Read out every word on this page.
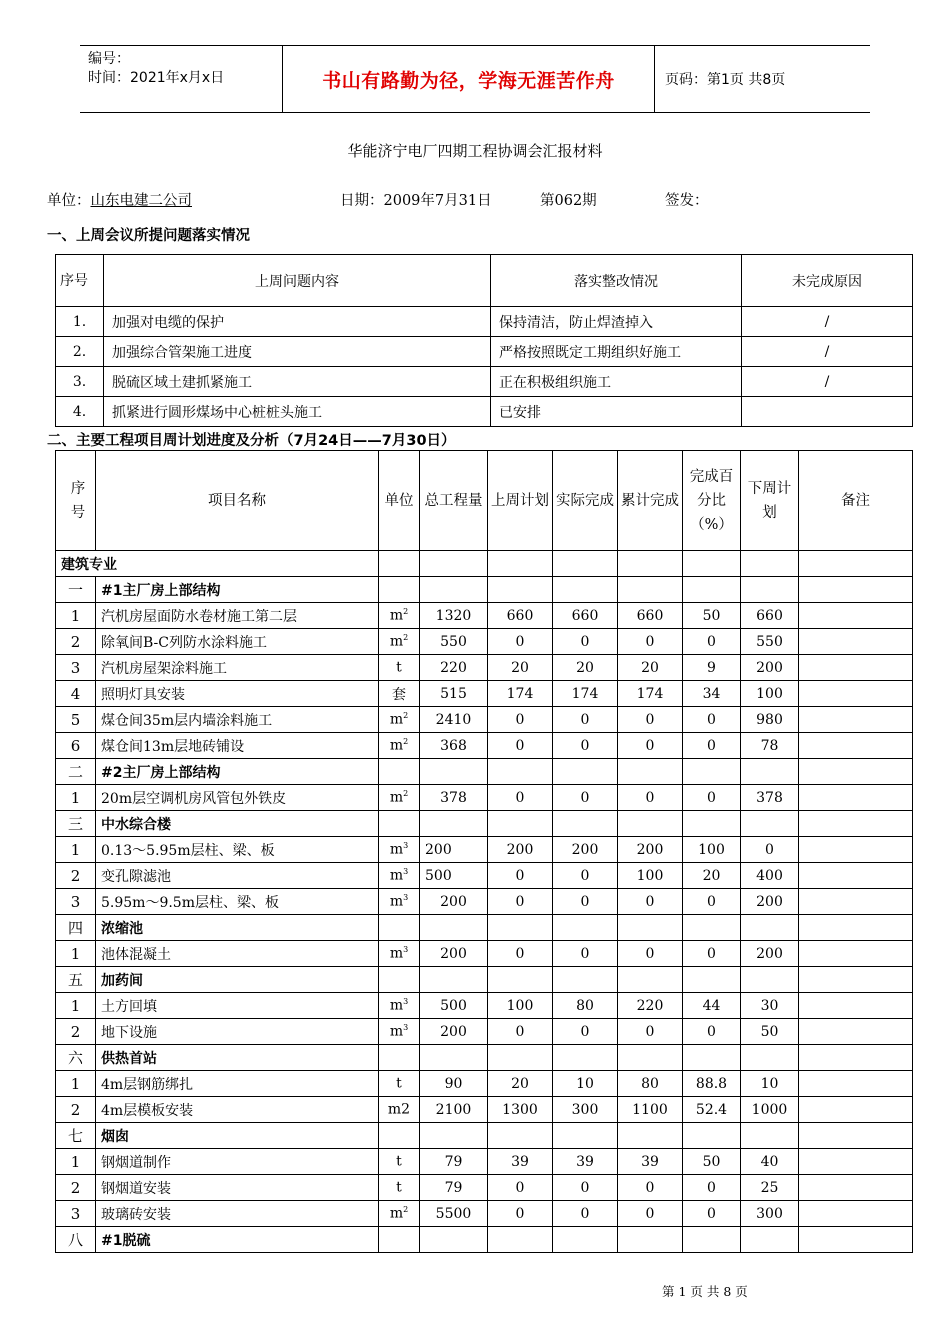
编号：
时间：2021年x月x日	书山有路勤为径，学海无涯苦作舟	页码：第1页 共8页
华能济宁电厂四期工程协调会汇报材料
单位：山东电建二公司	日期：2009年7月31日	第062期	签发：
一、上周会议所提问题落实情况
序号	上周问题内容	落实整改情况	未完成原因
1.	加强对电缆的保护	保持清洁，防止焊渣掉入	/
2.	加强综合管架施工进度	严格按照既定工期组织好施工	/
3.	脱硫区域土建抓紧施工	正在积极组织施工	/
4.	抓紧进行圆形煤场中心桩桩头施工	已安排	
二、主要工程项目周计划进度及分析（7月24日——7月30日）
序号	项目名称	单位	总工程量	上周计划	实际完成	累计完成	完成百分比（%）	下周计划	备注
建筑专业									
一	#1主厂房上部结构								
1	汽机房屋面防水卷材施工第二层	$m^2$	1320	660	660	660	50	660	
2	除氧间B-C列防水涂料施工	$m^2$	550	0	0	0	0	550	
3	汽机房屋架涂料施工	t	220	20	20	20	9	200	
4	照明灯具安装	套	515	174	174	174	34	100	
5	煤仓间35m层内墙涂料施工	$m^2$	2410	0	0	0	0	980	
6	煤仓间13m层地砖铺设	$m^2$	368	0	0	0	0	78	
二	#2主厂房上部结构								
1	20m层空调机房风管包外铁皮	$m^2$	378	0	0	0	0	378	
三	中水综合楼								
1	0.13～5.95m层柱、梁、板	$m^3$	200	200	200	200	100	0	
2	变孔隙滤池	$m^3$	500	0	0	100	20	400	
3	5.95m～9.5m层柱、梁、板	$m^3$	200	0	0	0	0	200	
四	浓缩池								
1	池体混凝土	$m^3$	200	0	0	0	0	200	
五	加药间								
1	土方回填	$m^3$	500	100	80	220	44	30	
2	地下设施	$m^3$	200	0	0	0	0	50	
六	供热首站								
1	4m层钢筋绑扎	t	90	20	10	80	88.8	10	
2	4m层模板安装	m2	2100	1300	300	1100	52.4	1000	
七	烟囱								
1	钢烟道制作	t	79	39	39	39	50	40	
2	钢烟道安装	t	79	0	0	0	0	25	
3	玻璃砖安装	$m^2$	5500	0	0	0	0	300	
八	#1脱硫								
第 1 页 共 8 页
